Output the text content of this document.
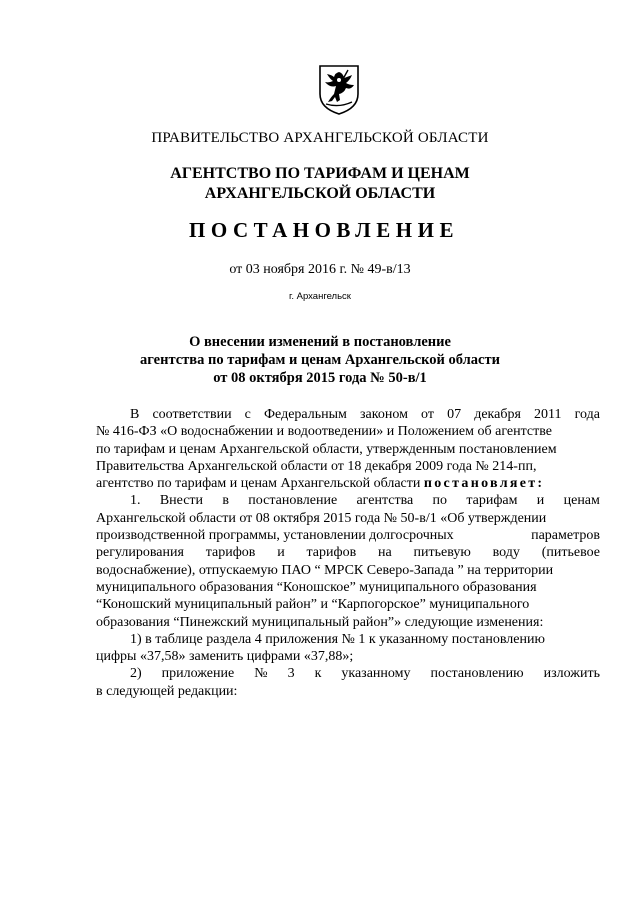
ПРАВИТЕЛЬСТВО АРХАНГЕЛЬСКОЙ ОБЛАСТИ
АГЕНТСТВО ПО ТАРИФАМ И ЦЕНАМ
АРХАНГЕЛЬСКОЙ ОБЛАСТИ
ПОСТАНОВЛЕНИЕ
от 03 ноября 2016 г. № 49-в/13
г. Архангельск
О внесении изменений в постановление
агентства по тарифам и ценам Архангельской области
от 08 октября 2015 года № 50-в/1
В соответствии с Федеральным законом от 07 декабря 2011 года
№ 416-ФЗ «О водоснабжении и водоотведении» и Положением об агентстве
по тарифам и ценам Архангельской области, утвержденным постановлением
Правительства Архангельской области от 18 декабря 2009 года № 214-пп,
агентство по тарифам и ценам Архангельской области постановляет:
1. Внести в постановление агентства по тарифам и ценам
Архангельской области от 08 октября 2015 года № 50-в/1 «Об утверждении
производственной программы, установлении долгосрочных	параметров
регулирования тарифов и тарифов на питьевую воду (питьевое
водоснабжение), отпускаемую ПАО “ МРСК Северо-Запада ” на территории
муниципального образования “Коношское” муниципального образования
“Коношский муниципальный район” и “Карпогорское” муниципального
образования “Пинежский муниципальный район”» следующие изменения:
1) в таблице раздела 4 приложения № 1 к указанному постановлению
цифры «37,58» заменить цифрами «37,88»;
2) приложение № 3 к указанному постановлению изложить
в следующей редакции:
